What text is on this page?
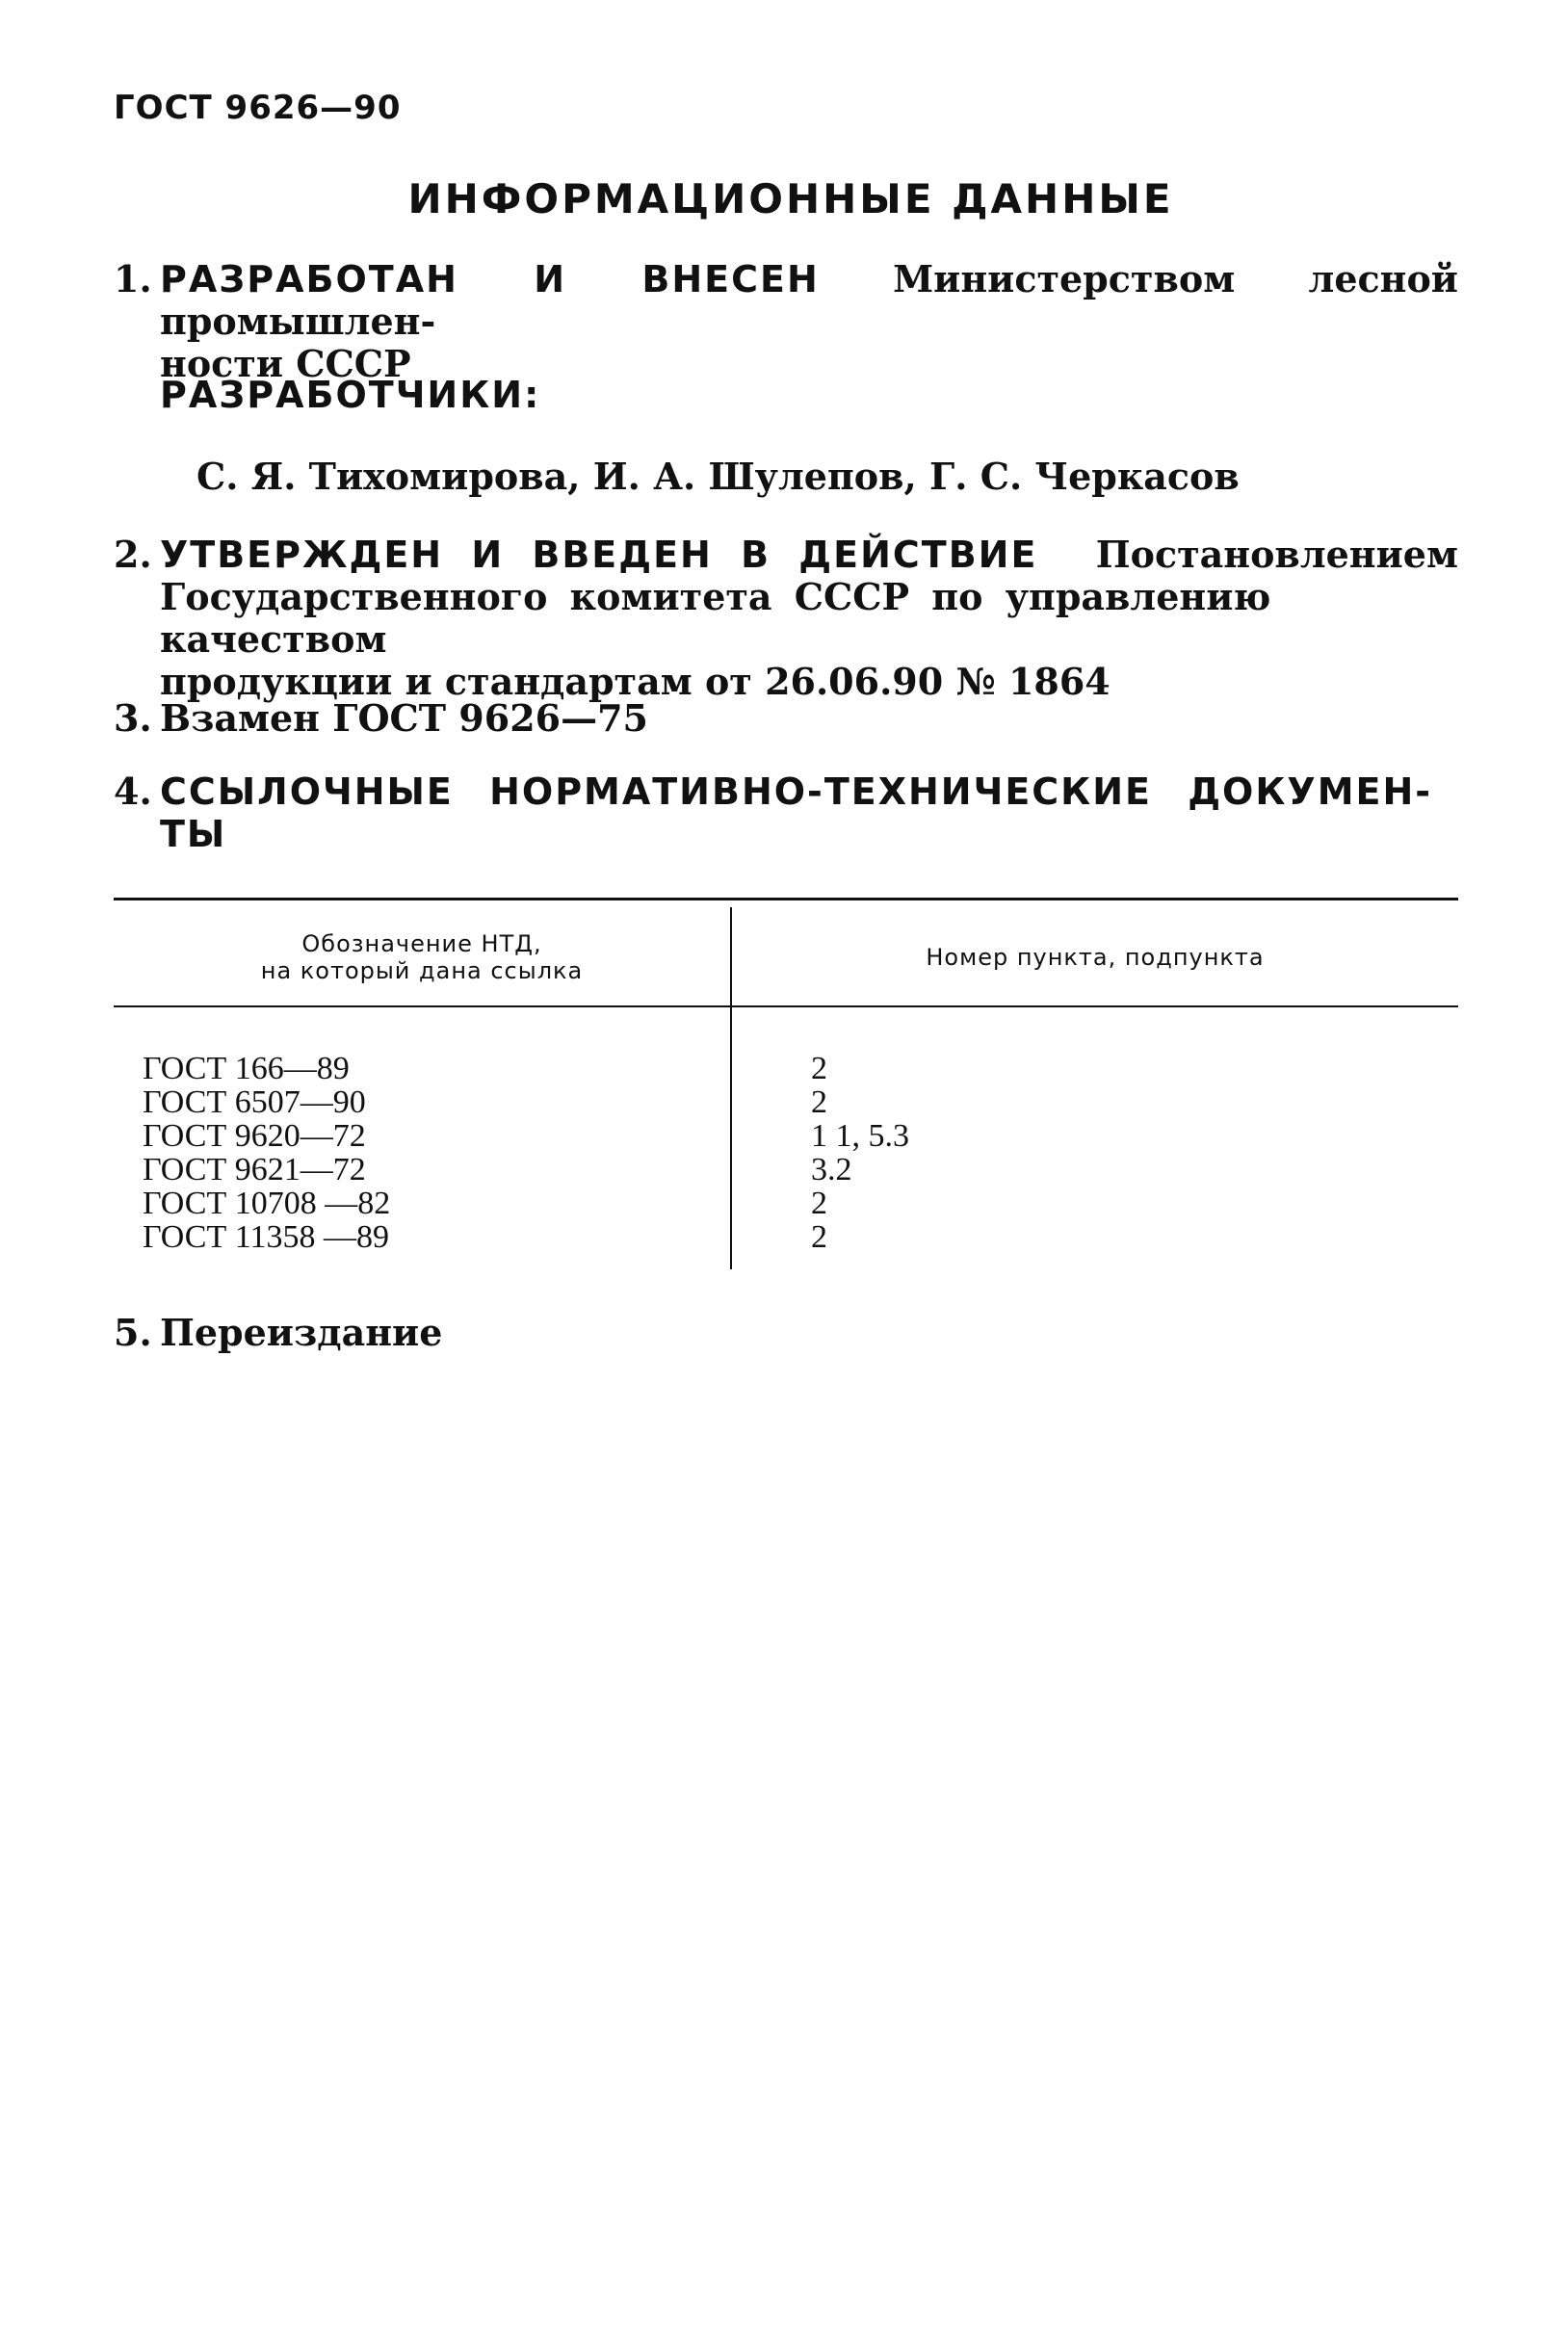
ГОСТ 9626—90
ИНФОРМАЦИОННЫЕ ДАННЫЕ
1. РАЗРАБОТАН И ВНЕСЕН Министерством лесной промышлен-
ности СССР
РАЗРАБОТЧИКИ:
С. Я. Тихомирова, И. А. Шулепов, Г. С. Черкасов
2. УТВЕРЖДЕН И ВВЕДЕН В ДЕЙСТВИЕ Постановлением
Государственного комитета СССР по управлению качеством
продукции и стандартам от 26.06.90 № 1864
3. Взамен ГОСТ 9626—75
4. ССЫЛОЧНЫЕ НОРМАТИВНО-ТЕХНИЧЕСКИЕ ДОКУМЕН-
ТЫ
Обозначение НТД,
на который дана ссылка	Номер пункта, подпункта
ГОСТ 166—89	2
ГОСТ 6507—90	2
ГОСТ 9620—72	1 1, 5.3
ГОСТ 9621—72	3.2
ГОСТ 10708 —82	2
ГОСТ 11358 —89	2
5. Переиздание
